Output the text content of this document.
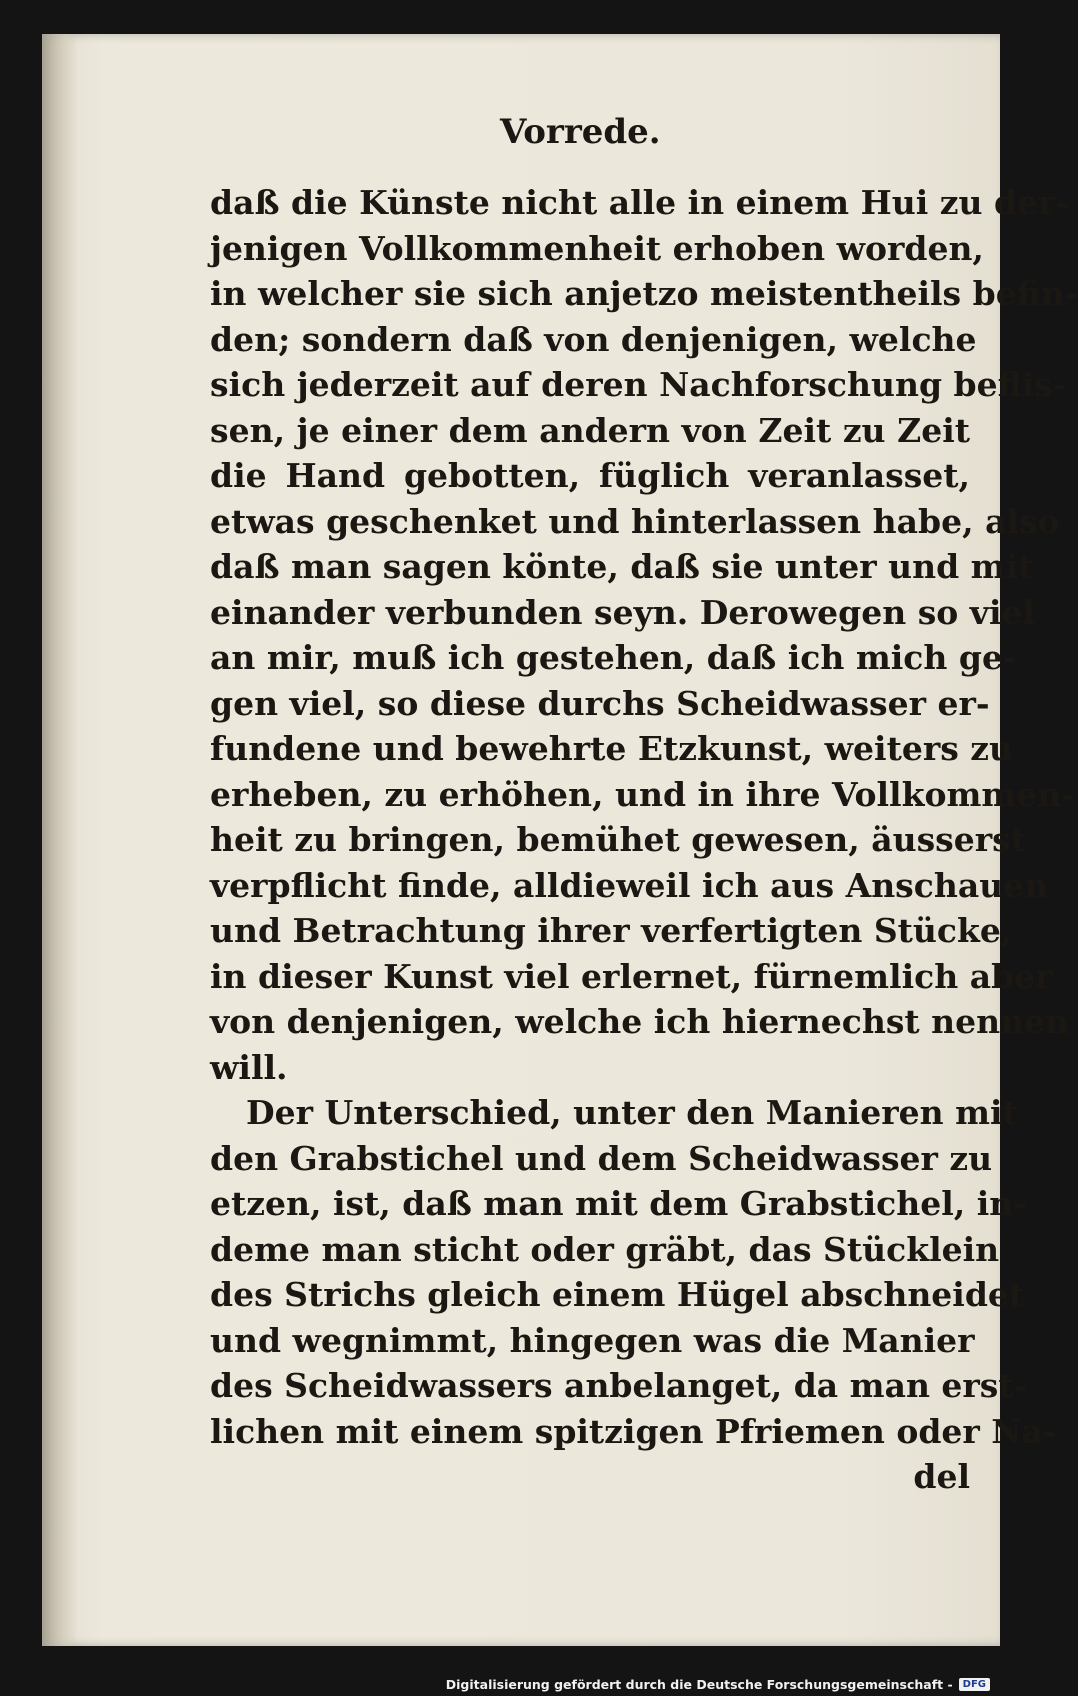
Vorrede.
daß die Künste nicht alle in einem Hui zu der-
jenigen Vollkommenheit erhoben worden,
in welcher sie sich anjetzo meistentheils befin-
den; sondern daß von denjenigen, welche
sich jederzeit auf deren Nachforschung beflis-
sen, je einer dem andern von Zeit zu Zeit
die Hand gebotten, füglich veranlasset,
etwas geschenket und hinterlassen habe, also
daß man sagen könte, daß sie unter und mit
einander verbunden seyn. Derowegen so viel
an mir, muß ich gestehen, daß ich mich ge-
gen viel, so diese durchs Scheidwasser er-
fundene und bewehrte Etzkunst, weiters zu
erheben, zu erhöhen, und in ihre Vollkommen-
heit zu bringen, bemühet gewesen, äusserst
verpflicht finde, alldieweil ich aus Anschauen
und Betrachtung ihrer verfertigten Stücke,
in dieser Kunst viel erlernet, fürnemlich aber
von denjenigen, welche ich hiernechst nennen
will.
Der Unterschied, unter den Manieren mit
den Grabstichel und dem Scheidwasser zu
etzen, ist, daß man mit dem Grabstichel, in-
deme man sticht oder gräbt, das Stücklein
des Strichs gleich einem Hügel abschneidet
und wegnimmt, hingegen was die Manier
des Scheidwassers anbelanget, da man erst-
lichen mit einem spitzigen Pfriemen oder Na-
del
Digitalisierung gefördert durch die Deutsche Forschungsgemeinschaft -	DFG
